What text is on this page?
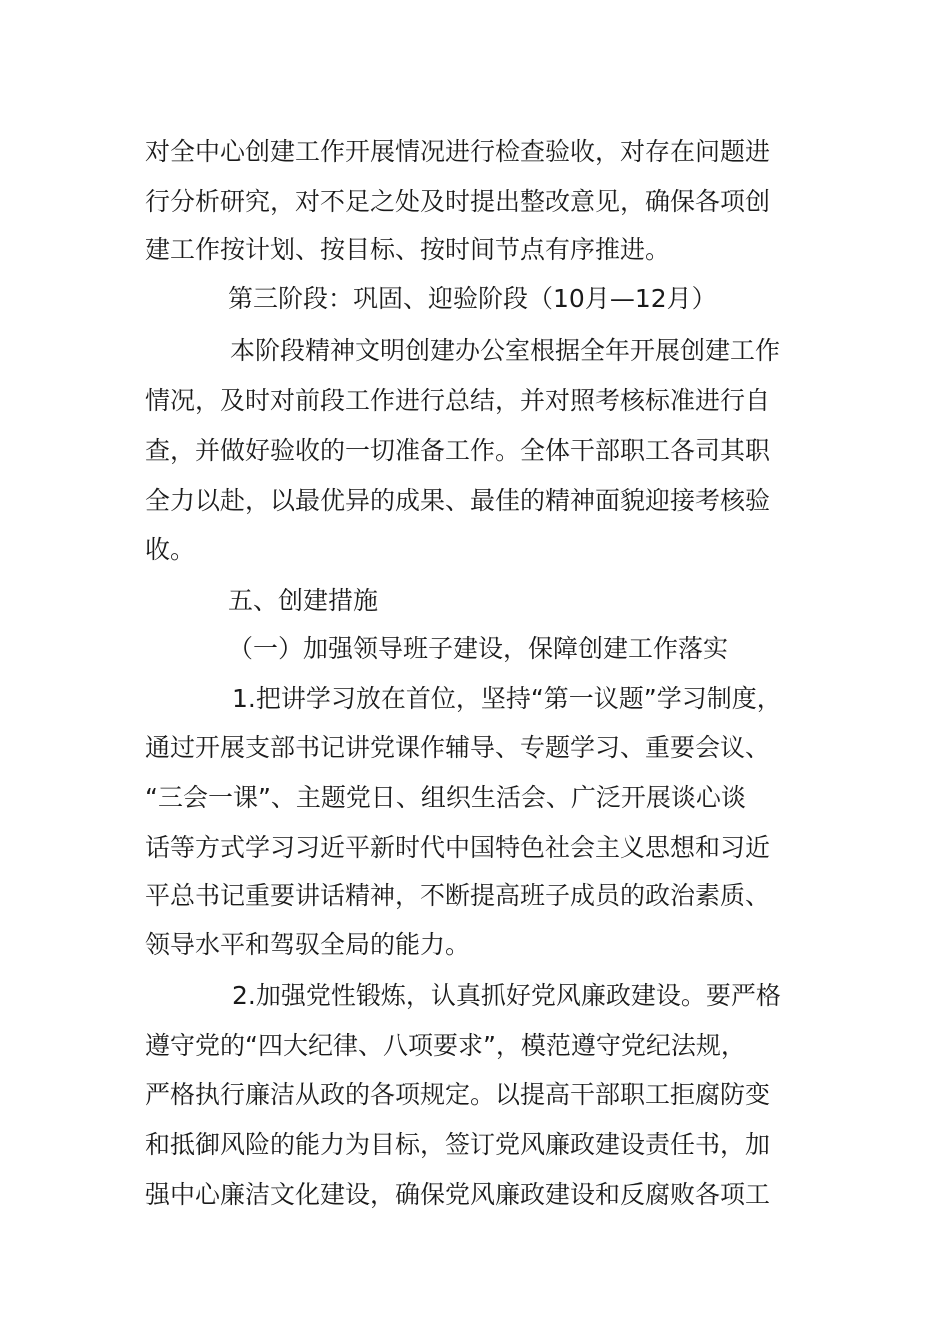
对全中心创建工作开展情况进行检查验收，对存在问题进

行分析研究，对不足之处及时提出整改意见，确保各项创

建工作按计划、按目标、按时间节点有序推进。

第三阶段：巩固、迎验阶段（10月—12月）

本阶段精神文明创建办公室根据全年开展创建工作

情况，及时对前段工作进行总结，并对照考核标准进行自

查，并做好验收的一切准备工作。全体干部职工各司其职

全力以赴，以最优异的成果、最佳的精神面貌迎接考核验

收。

五、创建措施

（一）加强领导班子建设，保障创建工作落实

1.把讲学习放在首位，坚持“第一议题”学习制度，

通过开展支部书记讲党课作辅导、专题学习、重要会议、

“三会一课”、主题党日、组织生活会、广泛开展谈心谈

话等方式学习习近平新时代中国特色社会主义思想和习近

平总书记重要讲话精神，不断提高班子成员的政治素质、

领导水平和驾驭全局的能力。

2.加强党性锻炼，认真抓好党风廉政建设。要严格

遵守党的“四大纪律、八项要求”，模范遵守党纪法规，

严格执行廉洁从政的各项规定。以提高干部职工拒腐防变

和抵御风险的能力为目标，签订党风廉政建设责任书，加

强中心廉洁文化建设，确保党风廉政建设和反腐败各项工
